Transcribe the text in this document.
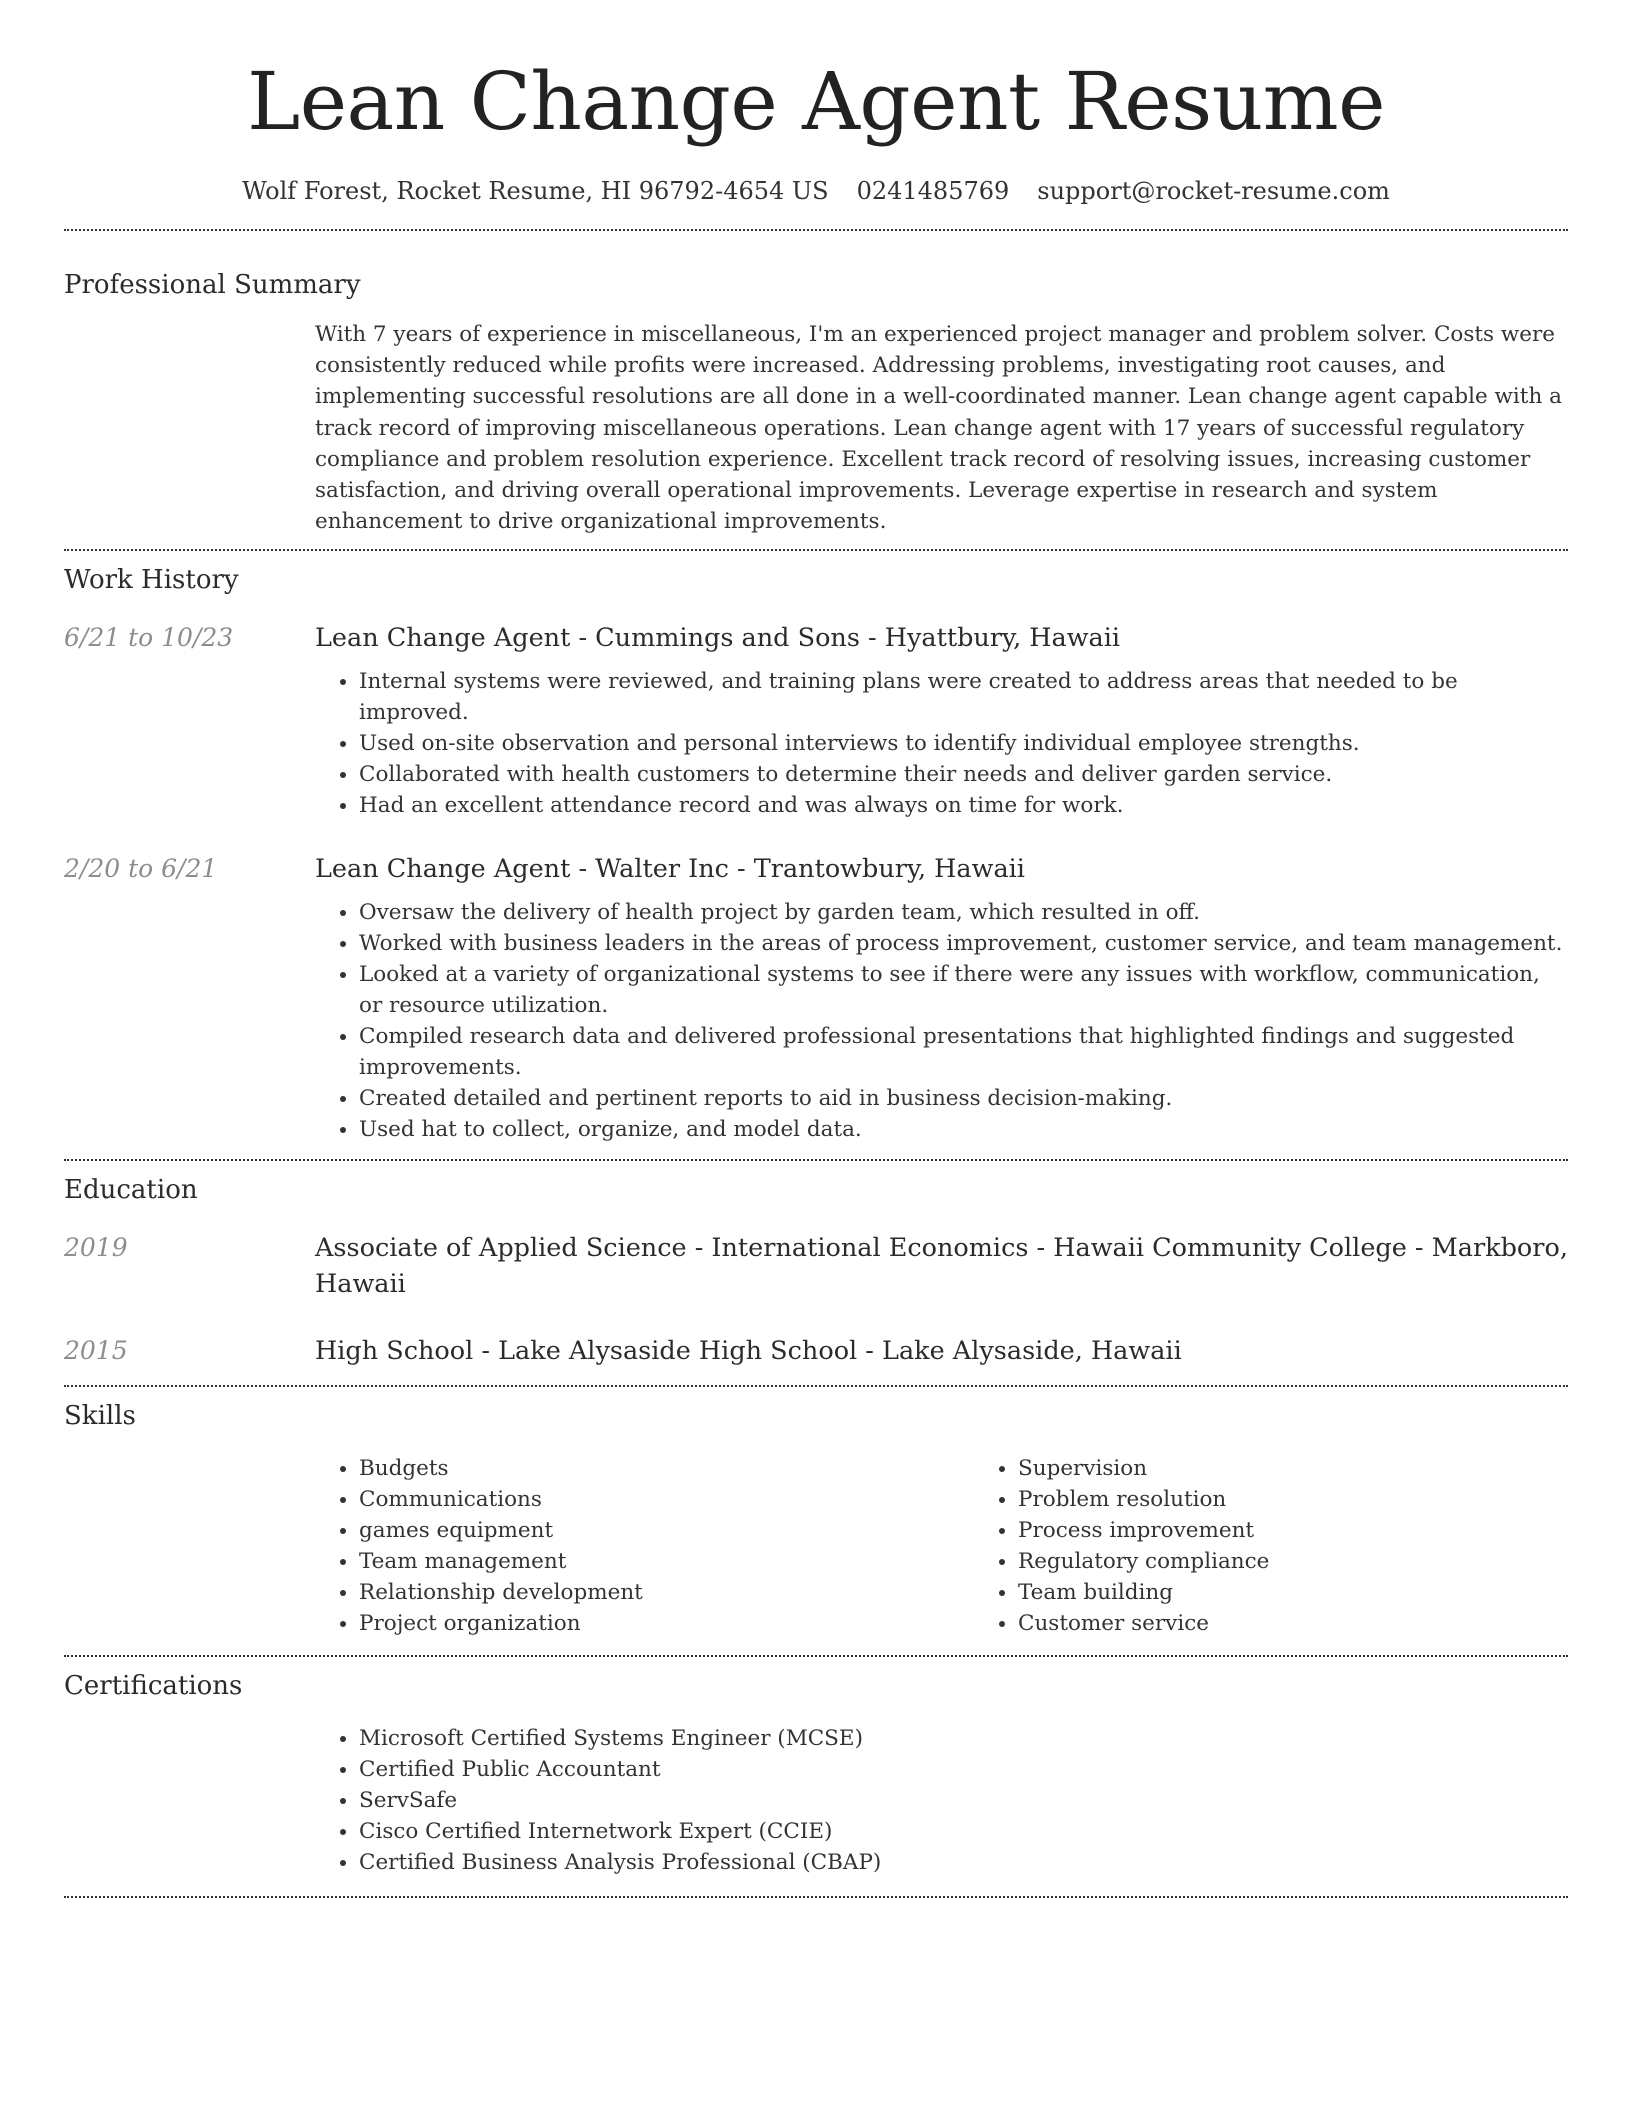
Lean Change Agent Resume
Wolf Forest, Rocket Resume, HI 96792-4654 US 0241485769 support@rocket-resume.com
Professional Summary

With 7 years of experience in miscellaneous, I'm an experienced project manager and problem solver. Costs were consistently reduced while profits were increased. Addressing problems, investigating root causes, and implementing successful resolutions are all done in a well-coordinated manner. Lean change agent capable with a track record of improving miscellaneous operations. Lean change agent with 17 years of successful regulatory compliance and problem resolution experience. Excellent track record of resolving issues, increasing customer satisfaction, and driving overall operational improvements. Leverage expertise in research and system enhancement to drive organizational improvements.

Work History
6/21 to 10/23	Lean Change Agent - Cummings and Sons - Hyattbury, Hawaii
• Internal systems were reviewed, and training plans were created to address areas that needed to be improved.
• Used on-site observation and personal interviews to identify individual employee strengths.
• Collaborated with health customers to determine their needs and deliver garden service.
• Had an excellent attendance record and was always on time for work.
2/20 to 6/21	Lean Change Agent - Walter Inc - Trantowbury, Hawaii
• Oversaw the delivery of health project by garden team, which resulted in off.
• Worked with business leaders in the areas of process improvement, customer service, and team management.
• Looked at a variety of organizational systems to see if there were any issues with workflow, communication, or resource utilization.
• Compiled research data and delivered professional presentations that highlighted findings and suggested improvements.
• Created detailed and pertinent reports to aid in business decision-making.
• Used hat to collect, organize, and model data.
Education
2019	Associate of Applied Science - International Economics - Hawaii Community College - Markboro, Hawaii
2015	High School - Lake Alysaside High School - Lake Alysaside, Hawaii
Skills
• Budgets
• Communications
• games equipment
• Team management
• Relationship development
• Project organization
• Supervision
• Problem resolution
• Process improvement
• Regulatory compliance
• Team building
• Customer service
Certifications
• Microsoft Certified Systems Engineer (MCSE)
• Certified Public Accountant
• ServSafe
• Cisco Certified Internetwork Expert (CCIE)
• Certified Business Analysis Professional (CBAP)
